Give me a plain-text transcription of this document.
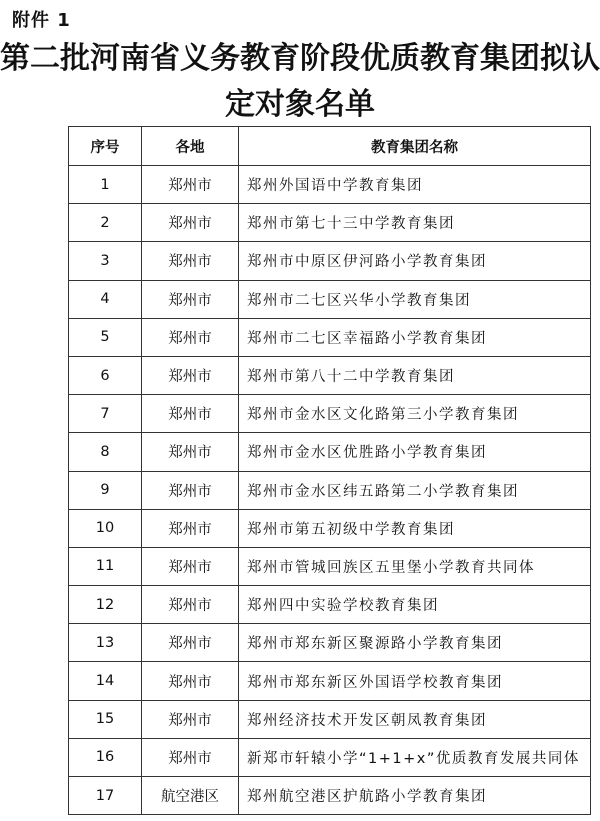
附件 1
第二批河南省义务教育阶段优质教育集团拟认定对象名单
序号	各地	教育集团名称
1	郑州市	郑州外国语中学教育集团
2	郑州市	郑州市第七十三中学教育集团
3	郑州市	郑州市中原区伊河路小学教育集团
4	郑州市	郑州市二七区兴华小学教育集团
5	郑州市	郑州市二七区幸福路小学教育集团
6	郑州市	郑州市第八十二中学教育集团
7	郑州市	郑州市金水区文化路第三小学教育集团
8	郑州市	郑州市金水区优胜路小学教育集团
9	郑州市	郑州市金水区纬五路第二小学教育集团
10	郑州市	郑州市第五初级中学教育集团
11	郑州市	郑州市管城回族区五里堡小学教育共同体
12	郑州市	郑州四中实验学校教育集团
13	郑州市	郑州市郑东新区聚源路小学教育集团
14	郑州市	郑州市郑东新区外国语学校教育集团
15	郑州市	郑州经济技术开发区朝凤教育集团
16	郑州市	新郑市轩辕小学“1+1+x”优质教育发展共同体
17	航空港区	郑州航空港区护航路小学教育集团
